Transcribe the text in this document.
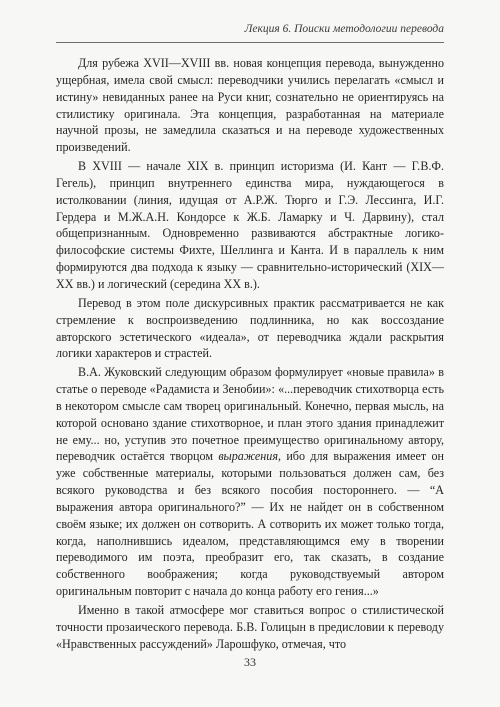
Лекция 6. Поиски методологии перевода

Для рубежа XVII—XVIII вв. новая концепция перевода, вынужденно ущербная, имела свой смысл: переводчики учились перелагать «смысл и истину» невиданных ранее на Руси книг, сознательно не ориентируясь на стилистику оригинала. Эта концепция, разработанная на материале научной прозы, не замедлила сказаться и на переводе художественных произведений.

В XVIII — начале XIX в. принцип историзма (И. Кант — Г.В.Ф. Гегель), принцип внутреннего единства мира, нуждающегося в истолковании (линия, идущая от А.Р.Ж. Тюрго и Г.Э. Лессинга, И.Г. Гердера и М.Ж.А.Н. Кондорсе к Ж.Б. Ламарку и Ч. Дарвину), стал общепризнанным. Одновременно развиваются абстрактные логико-философские системы Фихте, Шеллинга и Канта. И в параллель к ним формируются два подхода к языку — сравнительно-исторический (XIX—XX вв.) и логический (середина XX в.).

Перевод в этом поле дискурсивных практик рассматривается не как стремление к воспроизведению подлинника, но как воссоздание авторского эстетического «идеала», от переводчика ждали раскрытия логики характеров и страстей.

В.А. Жуковский следующим образом формулирует «новые правила» в статье о переводе «Радамиста и Зенобии»: «...переводчик стихотворца есть в некотором смысле сам творец оригинальный. Конечно, первая мысль, на которой основано здание стихотворное, и план этого здания принадлежит не ему... но, уступив это почетное преимущество оригинальному автору, переводчик остаётся творцом выражения, ибо для выражения имеет он уже собственные материалы, которыми пользоваться должен сам, без всякого руководства и без всякого пособия постороннего. — “А выражения автора оригинального?” — Их не найдет он в собственном своём языке; их должен он сотворить. А сотворить их может только тогда, когда, наполнившись идеалом, представляющимся ему в творении переводимого им поэта, преобразит его, так сказать, в создание собственного воображения; когда руководствуемый автором оригинальным повторит с начала до конца работу его гения...»

Именно в такой атмосфере мог ставиться вопрос о стилистической точности прозаического перевода. Б.В. Голицын в предисловии к переводу «Нравственных рассуждений» Ларошфуко, отмечая, что

33
